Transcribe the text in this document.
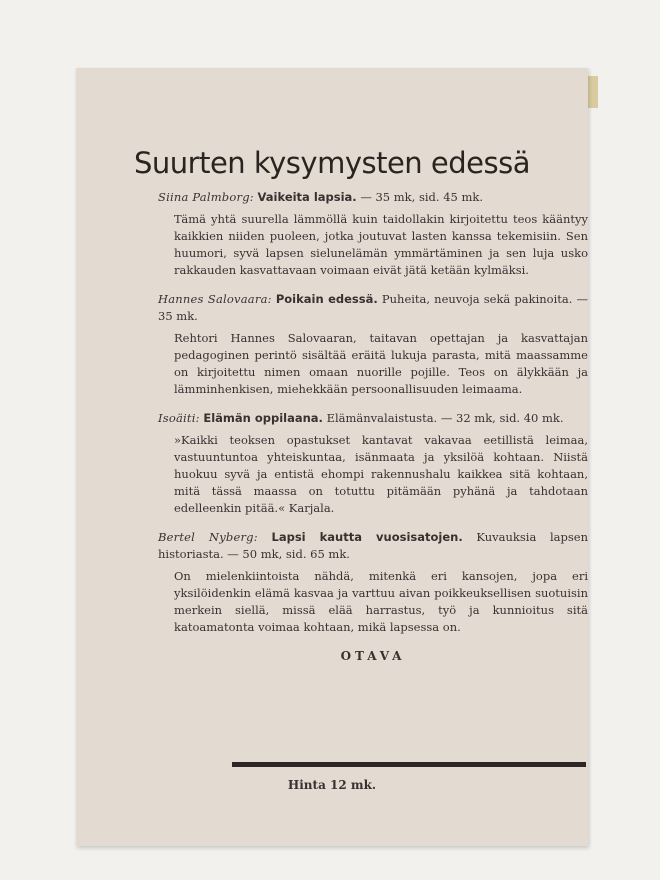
Suurten kysymysten edessä
Siina Palmborg: Vaikeita lapsia. — 35 mk, sid. 45 mk.
Tämä yhtä suurella lämmöllä kuin taidollakin kirjoitettu teos kääntyy kaikkien niiden puoleen, jotka joutuvat lasten kanssa tekemisiin. Sen huumori, syvä lapsen sielunelämän ymmärtäminen ja sen luja usko rakkauden kasvattavaan voimaan eivät jätä ketään kylmäksi.
Hannes Salovaara: Poikain edessä. Puheita, neuvoja sekä pakinoita. — 35 mk.
Rehtori Hannes Salovaaran, taitavan opettajan ja kasvattajan pedagoginen perintö sisältää eräitä lukuja parasta, mitä maassamme on kirjoitettu nimen omaan nuorille pojille. Teos on älykkään ja lämminhenkisen, miehekkään persoonallisuuden leimaama.
Isoäiti: Elämän oppilaana. Elämänvalaistusta. — 32 mk, sid. 40 mk.
»Kaikki teoksen opastukset kantavat vakavaa eetillistä leimaa, vastuuntuntoa yhteiskuntaa, isänmaata ja yksilöä kohtaan. Niistä huokuu syvä ja entistä ehompi rakennushalu kaikkea sitä kohtaan, mitä tässä maassa on totuttu pitämään pyhänä ja tahdotaan edelleenkin pitää.« Karjala.
Bertel Nyberg: Lapsi kautta vuosisatojen. Kuvauksia lapsen historiasta. — 50 mk, sid. 65 mk.
On mielenkiintoista nähdä, mitenkä eri kansojen, jopa eri yksilöidenkin elämä kasvaa ja varttuu aivan poikkeuksellisen suotuisin merkein siellä, missä elää harrastus, työ ja kunnioitus sitä katoamatonta voimaa kohtaan, mikä lapsessa on.
OTAVA
Hinta 12 mk.
